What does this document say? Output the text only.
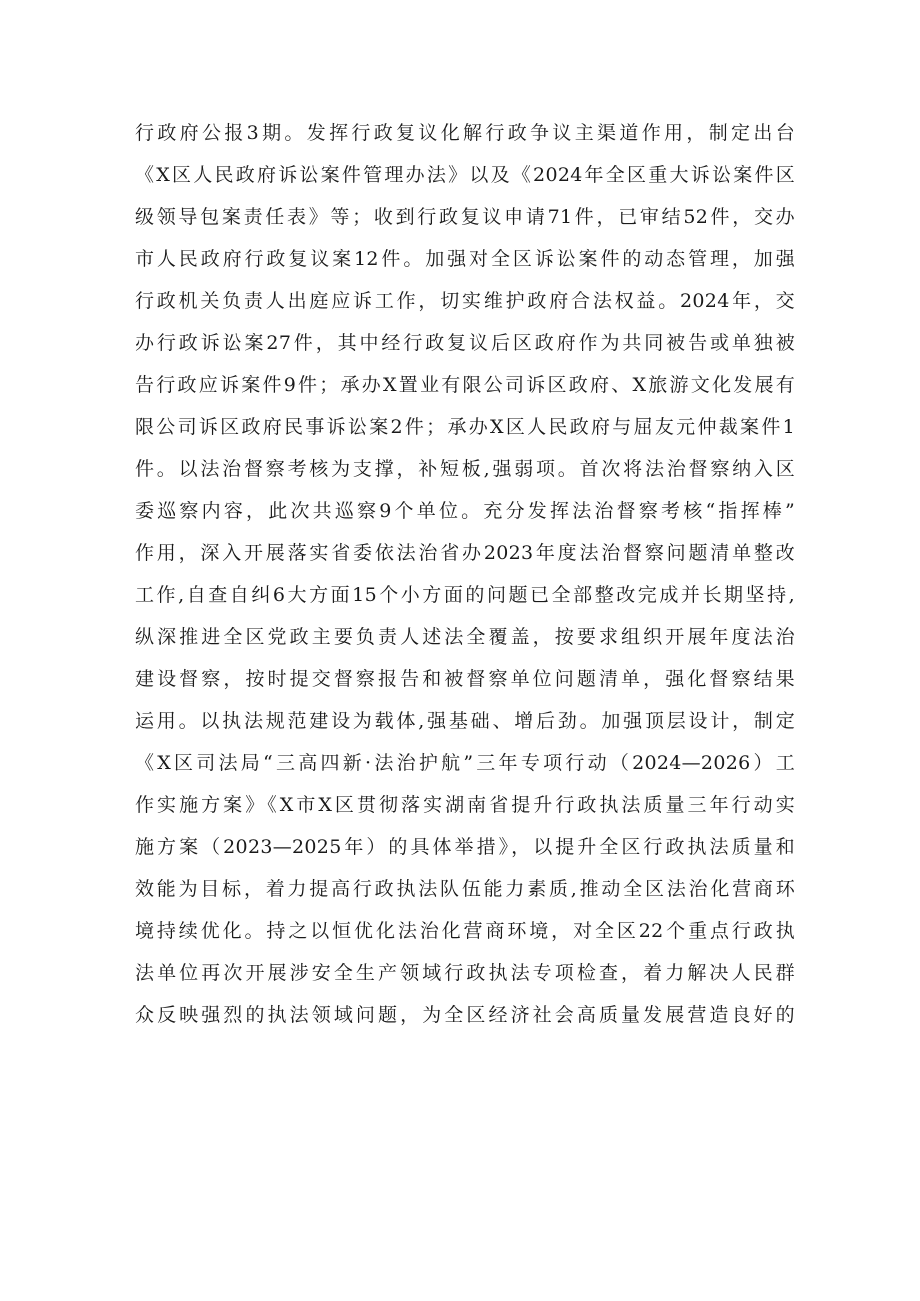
行政府公报3期。发挥行政复议化解行政争议主渠道作用，制定出台
《X区人民政府诉讼案件管理办法》以及《2024年全区重大诉讼案件区
级领导包案责任表》等；收到行政复议申请71件，已审结52件，交办
市人民政府行政复议案12件。加强对全区诉讼案件的动态管理，加强
行政机关负责人出庭应诉工作，切实维护政府合法权益。2024年，交
办行政诉讼案27件，其中经行政复议后区政府作为共同被告或单独被
告行政应诉案件9件；承办X置业有限公司诉区政府、X旅游文化发展有
限公司诉区政府民事诉讼案2件；承办X区人民政府与屈友元仲裁案件1
件。以法治督察考核为支撑，补短板,强弱项。首次将法治督察纳入区
委巡察内容，此次共巡察9个单位。充分发挥法治督察考核“指挥棒”
作用，深入开展落实省委依法治省办2023年度法治督察问题清单整改
工作,自查自纠6大方面15个小方面的问题已全部整改完成并长期坚持,
纵深推进全区党政主要负责人述法全覆盖，按要求组织开展年度法治
建设督察，按时提交督察报告和被督察单位问题清单，强化督察结果
运用。以执法规范建设为载体,强基础、增后劲。加强顶层设计，制定
《X区司法局“三高四新·法治护航”三年专项行动（2024—2026）工
作实施方案》《X市X区贯彻落实湖南省提升行政执法质量三年行动实
施方案（2023—2025年）的具体举措》，以提升全区行政执法质量和
效能为目标，着力提高行政执法队伍能力素质,推动全区法治化营商环
境持续优化。持之以恒优化法治化营商环境，对全区22个重点行政执
法单位再次开展涉安全生产领域行政执法专项检查，着力解决人民群
众反映强烈的执法领域问题，为全区经济社会高质量发展营造良好的
